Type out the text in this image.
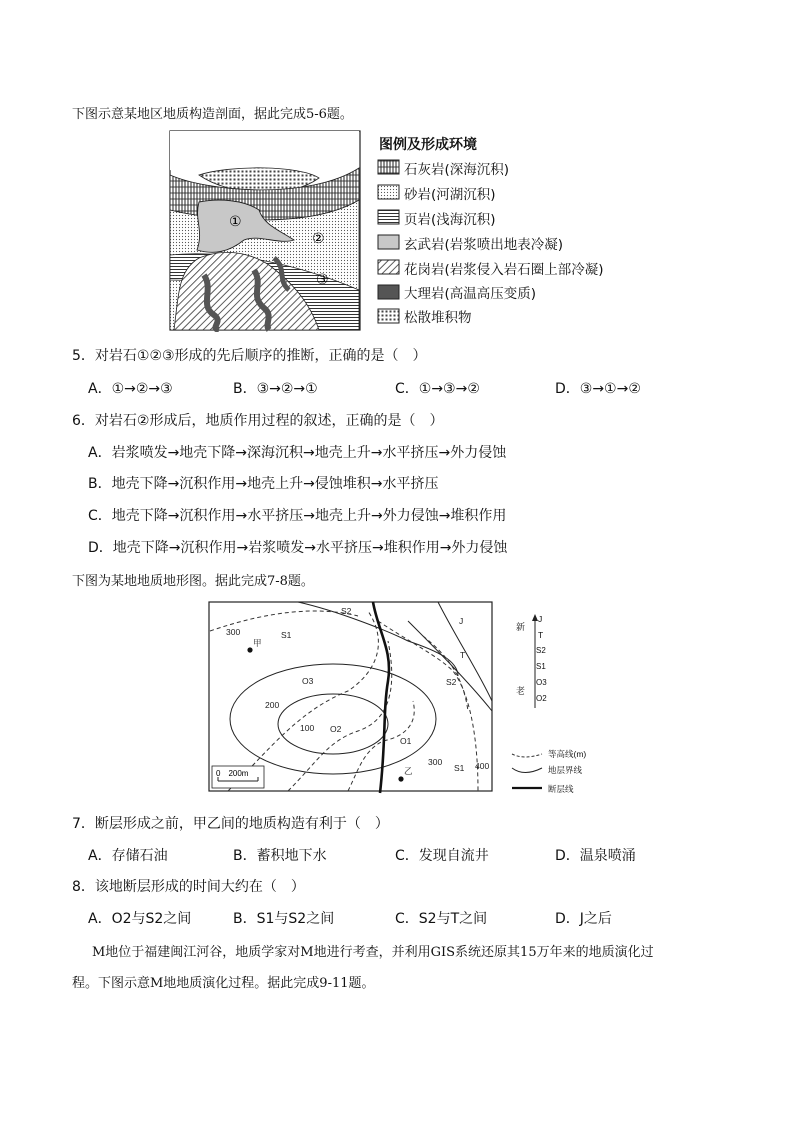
下图示意某地区地质构造剖面，据此完成5-6题。
①
②
③
图例及形成环境
石灰岩(深海沉积)
砂岩(河湖沉积)
页岩(浅海沉积)
玄武岩(岩浆喷出地表冷凝)
花岗岩(岩浆侵入岩石圈上部冷凝)
大理岩(高温高压变质)
松散堆积物
5．对岩石①②③形成的先后顺序的推断，正确的是（　）
A．①→②→③	B．③→②→①	C．①→③→②	D．③→①→②
6．对岩石②形成后，地质作用过程的叙述，正确的是（　）
A．岩浆喷发→地壳下降→深海沉积→地壳上升→水平挤压→外力侵蚀
B．地壳下降→沉积作用→地壳上升→侵蚀堆积→水平挤压
C．地壳下降→沉积作用→水平挤压→地壳上升→外力侵蚀→堆积作用
D．地壳下降→沉积作用→岩浆喷发→水平挤压→堆积作用→外力侵蚀
下图为某地地质地形图。据此完成7-8题。
甲
乙
S2
S1
O3
O2
O1
S2
T
J
S1
300
200
100
300	400
0　200m
新
老
J
T
S2
S1
O3
O2
等高线(m)
地层界线
断层线
7．断层形成之前，甲乙间的地质构造有利于（　）
A．存储石油	B．蓄积地下水	C．发现自流井	D．温泉喷涌
8．该地断层形成的时间大约在（　）
A．O2与S2之间	B．S1与S2之间	C．S2与T之间	D．J之后
M地位于福建闽江河谷，地质学家对M地进行考查，并利用GIS系统还原其15万年来的地质演化过
程。下图示意M地地质演化过程。据此完成9-11题。
